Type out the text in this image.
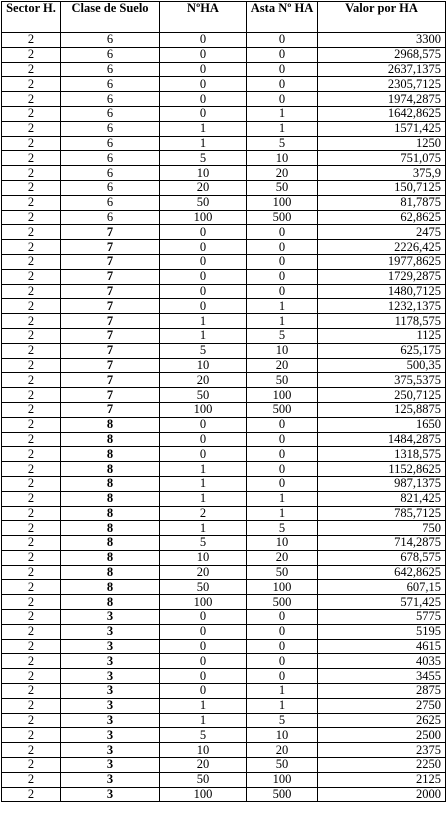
Sector H.	Clase de Suelo	NºHA	Asta Nº HA	Valor por HA
2	6	0	0	3300
2	6	0	0	2968,575
2	6	0	0	2637,1375
2	6	0	0	2305,7125
2	6	0	0	1974,2875
2	6	0	1	1642,8625
2	6	1	1	1571,425
2	6	1	5	1250
2	6	5	10	751,075
2	6	10	20	375,9
2	6	20	50	150,7125
2	6	50	100	81,7875
2	6	100	500	62,8625
2	7	0	0	2475
2	7	0	0	2226,425
2	7	0	0	1977,8625
2	7	0	0	1729,2875
2	7	0	0	1480,7125
2	7	0	1	1232,1375
2	7	1	1	1178,575
2	7	1	5	1125
2	7	5	10	625,175
2	7	10	20	500,35
2	7	20	50	375,5375
2	7	50	100	250,7125
2	7	100	500	125,8875
2	8	0	0	1650
2	8	0	0	1484,2875
2	8	0	0	1318,575
2	8	1	0	1152,8625
2	8	1	0	987,1375
2	8	1	1	821,425
2	8	2	1	785,7125
2	8	1	5	750
2	8	5	10	714,2875
2	8	10	20	678,575
2	8	20	50	642,8625
2	8	50	100	607,15
2	8	100	500	571,425
2	3	0	0	5775
2	3	0	0	5195
2	3	0	0	4615
2	3	0	0	4035
2	3	0	0	3455
2	3	0	1	2875
2	3	1	1	2750
2	3	1	5	2625
2	3	5	10	2500
2	3	10	20	2375
2	3	20	50	2250
2	3	50	100	2125
2	3	100	500	2000
